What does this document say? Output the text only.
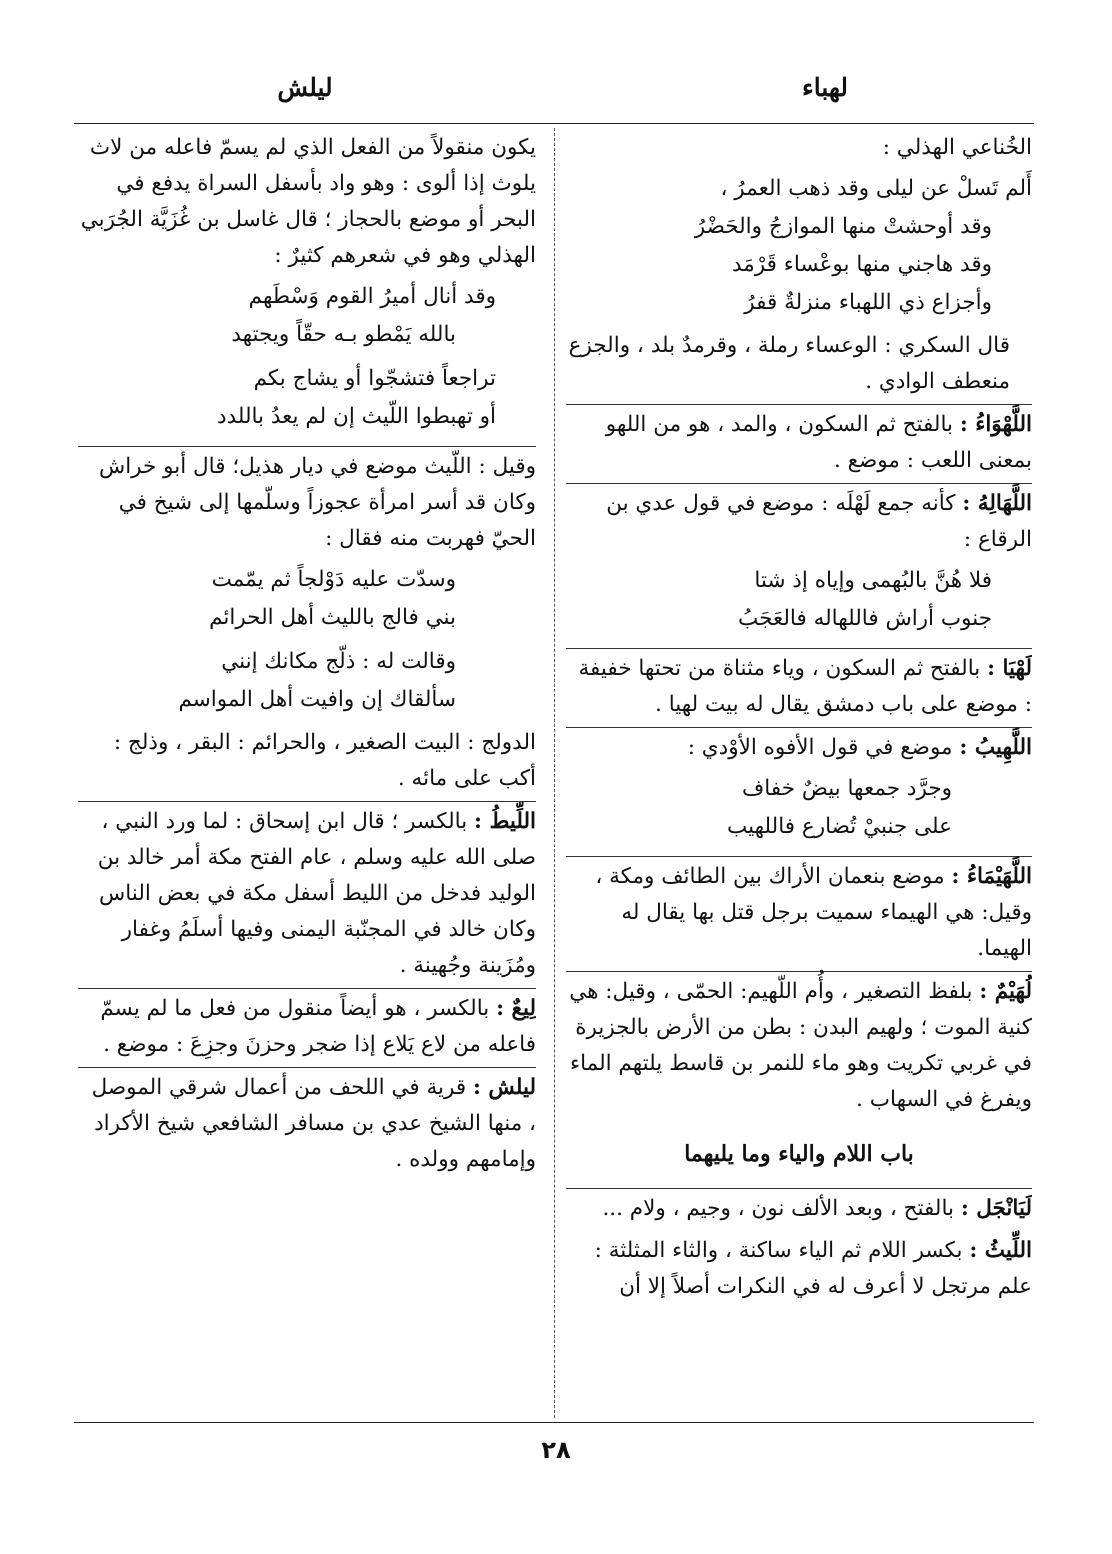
لهباء
ليلش
الخُناعي الهذلي :
أَلم تَسلْ عن ليلى وقد ذهب العمرُ ،
وقد أوحشتْ منها الموازجُ والحَضْرُ
وقد هاجني منها بوعْساء قَرْمَد
وأجزاع ذي اللهباء منزلةٌ قفرُ
قال السكري : الوعساء رملة ، وقرمدٌ بلد ، والجزع منعطف الوادي .
اللَّهْوَاءُ : بالفتح ثم السكون ، والمد ، هو من اللهو بمعنى اللعب : موضع .
اللَّهَالِهُ : كأنه جمع لَهْلَه : موضع في قول عدي بن الرقاع :
فلا هُنَّ بالبُهمى وإياه إذ شتا
جنوب أراش فاللهاله فالعَجَبُ
لَهْيَا : بالفتح ثم السكون ، وياء مثناة من تحتها خفيفة : موضع على باب دمشق يقال له بيت لهيا .
اللَّهِيبُ : موضع في قول الأفوه الأوْدي :
وجرَّد جمعها بيضٌ خفاف
على جنبيْ تُضارع فاللهيب
اللَّهَيْمَاءُ : موضع بنعمان الأراك بين الطائف ومكة ، وقيل: هي الهيماء سميت برجل قتل بها يقال له الهيما.
لُهَيْمٌ : بلفظ التصغير ، وأُم اللّهيم: الحمّى ، وقيل: هي كنية الموت ؛ ولهيم البدن : بطن من الأرض بالجزيرة في غربي تكريت وهو ماء للنمر بن قاسط يلتهم الماء ويفرغ في السهاب .
باب اللام والياء وما يليهما
لَيَانْجَل : بالفتح ، وبعد الألف نون ، وجيم ، ولام ...
اللِّيثُ : بكسر اللام ثم الياء ساكنة ، والثاء المثلثة : علم مرتجل لا أعرف له في النكرات أصلاً إلا أن
يكون منقولاً من الفعل الذي لم يسمّ فاعله من لاث يلوث إذا ألوى : وهو واد بأسفل السراة يدفع في البحر أو موضع بالحجاز ؛ قال غاسل بن غُزَيَّة الجُرَبي الهذلي وهو في شعرهم كثيرٌ :
وقد أنال أميرُ القوم وَسْطَهم
بالله يَمْطو بـه حقّاً ويجتهد
تراجعاً فتشجّوا أو يشاج بكم
أو تهبطوا اللّيث إن لم يعدُ باللدد
وقيل : اللّيث موضع في ديار هذيل؛ قال أبو خراش وكان قد أسر امرأة عجوزاً وسلّمها إلى شيخ في الحيّ فهربت منه فقال :
وسدّت عليه دَوْلجاً ثم يمّمت
بني فالج بالليث أهل الحرائم
وقالت له : ذلّج مكانك إنني
سألقاك إن وافيت أهل المواسم
الدولج : البيت الصغير ، والحرائم : البقر ، وذلج : أكب على مائه .
اللِّيطُ : بالكسر ؛ قال ابن إسحاق : لما ورد النبي ، صلى الله عليه وسلم ، عام الفتح مكة أمر خالد بن الوليد فدخل من الليط أسفل مكة في بعض الناس وكان خالد في المجنّبة اليمنى وفيها أسلَمُ وغفار ومُزَينة وجُهينة .
لِيعٌ : بالكسر ، هو أيضاً منقول من فعل ما لم يسمّ فاعله من لاع يَلاع إذا ضجر وحزنَ وجزِعَ : موضع .
ليلش : قرية في اللحف من أعمال شرقي الموصل ، منها الشيخ عدي بن مسافر الشافعي شيخ الأكراد وإمامهم وولده .
٢٨
